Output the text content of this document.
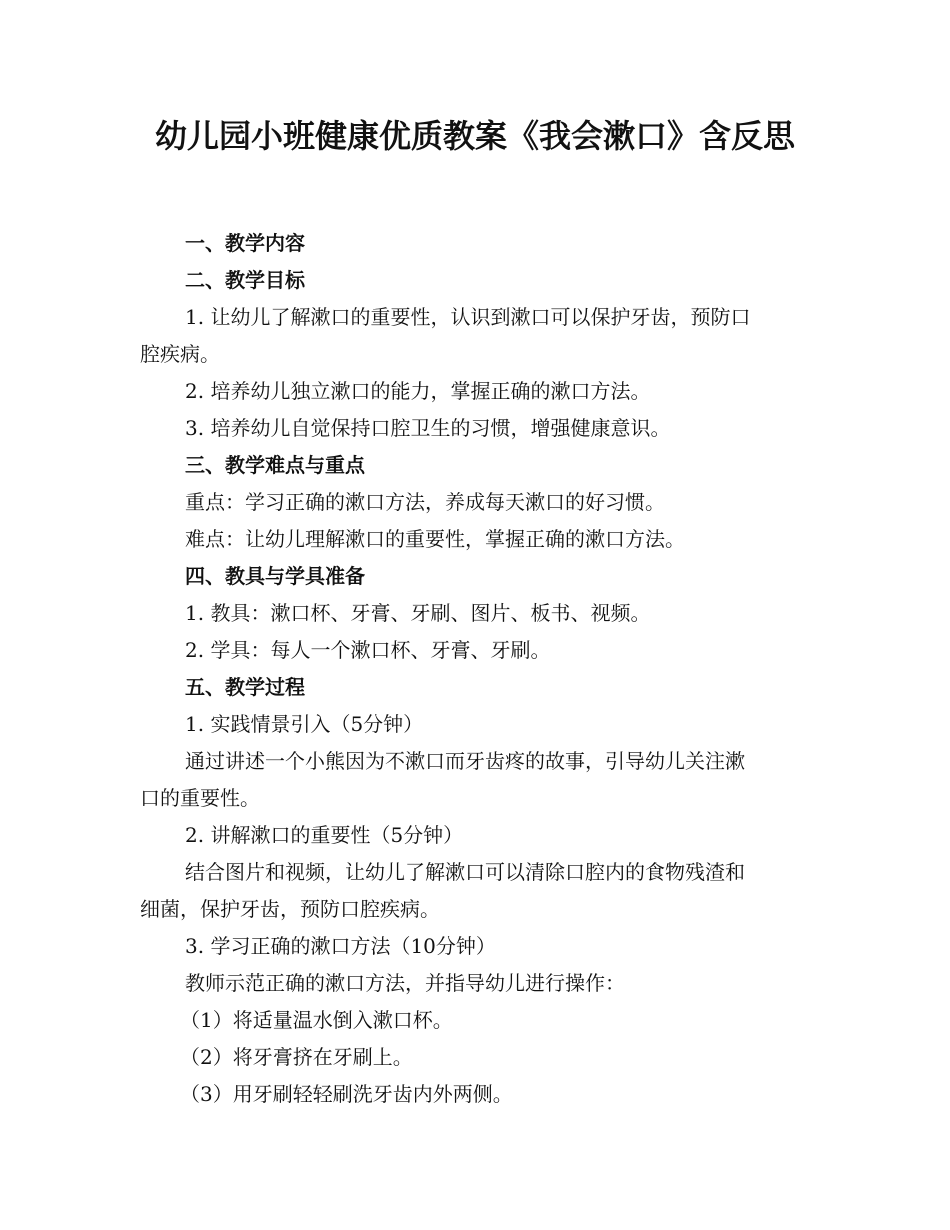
幼儿园小班健康优质教案《我会漱口》含反思

一、教学内容

二、教学目标

1. 让幼儿了解漱口的重要性，认识到漱口可以保护牙齿，预防口

腔疾病。

2. 培养幼儿独立漱口的能力，掌握正确的漱口方法。

3. 培养幼儿自觉保持口腔卫生的习惯，增强健康意识。

三、教学难点与重点

重点：学习正确的漱口方法，养成每天漱口的好习惯。

难点：让幼儿理解漱口的重要性，掌握正确的漱口方法。

四、教具与学具准备

1. 教具：漱口杯、牙膏、牙刷、图片、板书、视频。

2. 学具：每人一个漱口杯、牙膏、牙刷。

五、教学过程

1. 实践情景引入（5分钟）

通过讲述一个小熊因为不漱口而牙齿疼的故事，引导幼儿关注漱

口的重要性。

2. 讲解漱口的重要性（5分钟）

结合图片和视频，让幼儿了解漱口可以清除口腔内的食物残渣和

细菌，保护牙齿，预防口腔疾病。

3. 学习正确的漱口方法（10分钟）

教师示范正确的漱口方法，并指导幼儿进行操作：

（1）将适量温水倒入漱口杯。

（2）将牙膏挤在牙刷上。

（3）用牙刷轻轻刷洗牙齿内外两侧。
